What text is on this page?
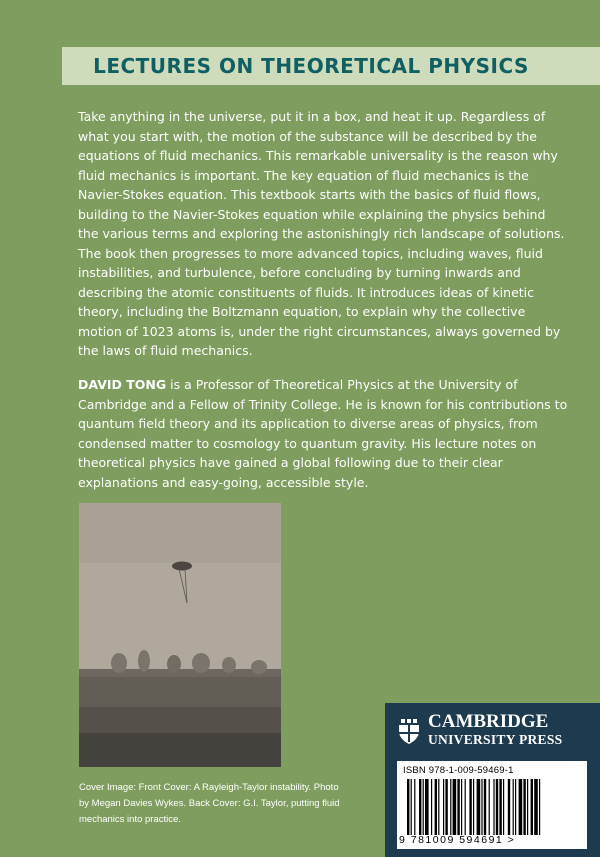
LECTURES ON THEORETICAL PHYSICS

Take anything in the universe, put it in a box, and heat it up. Regardless of what you start with, the motion of the substance will be described by the equations of fluid mechanics. This remarkable universality is the reason why fluid mechanics is important. The key equation of fluid mechanics is the Navier-Stokes equation. This textbook starts with the basics of fluid flows, building to the Navier-Stokes equation while explaining the physics behind the various terms and exploring the astonishingly rich landscape of solutions. The book then progresses to more advanced topics, including waves, fluid instabilities, and turbulence, before concluding by turning inwards and describing the atomic constituents of fluids. It introduces ideas of kinetic theory, including the Boltzmann equation, to explain why the collective motion of 1023 atoms is, under the right circumstances, always governed by the laws of fluid mechanics.

DAVID TONG is a Professor of Theoretical Physics at the University of Cambridge and a Fellow of Trinity College. He is known for his contributions to quantum field theory and its application to diverse areas of physics, from condensed matter to cosmology to quantum gravity. His lecture notes on theoretical physics have gained a global following due to their clear explanations and easy-going, accessible style.

Cover Image: Front Cover: A Rayleigh-Taylor instability. Photo by Megan Davies Wykes. Back Cover: G.I. Taylor, putting fluid mechanics into practice.
CAMBRIDGE
UNIVERSITY PRESS
ISBN 978-1-009-59469-1
9 781009 594691 >
